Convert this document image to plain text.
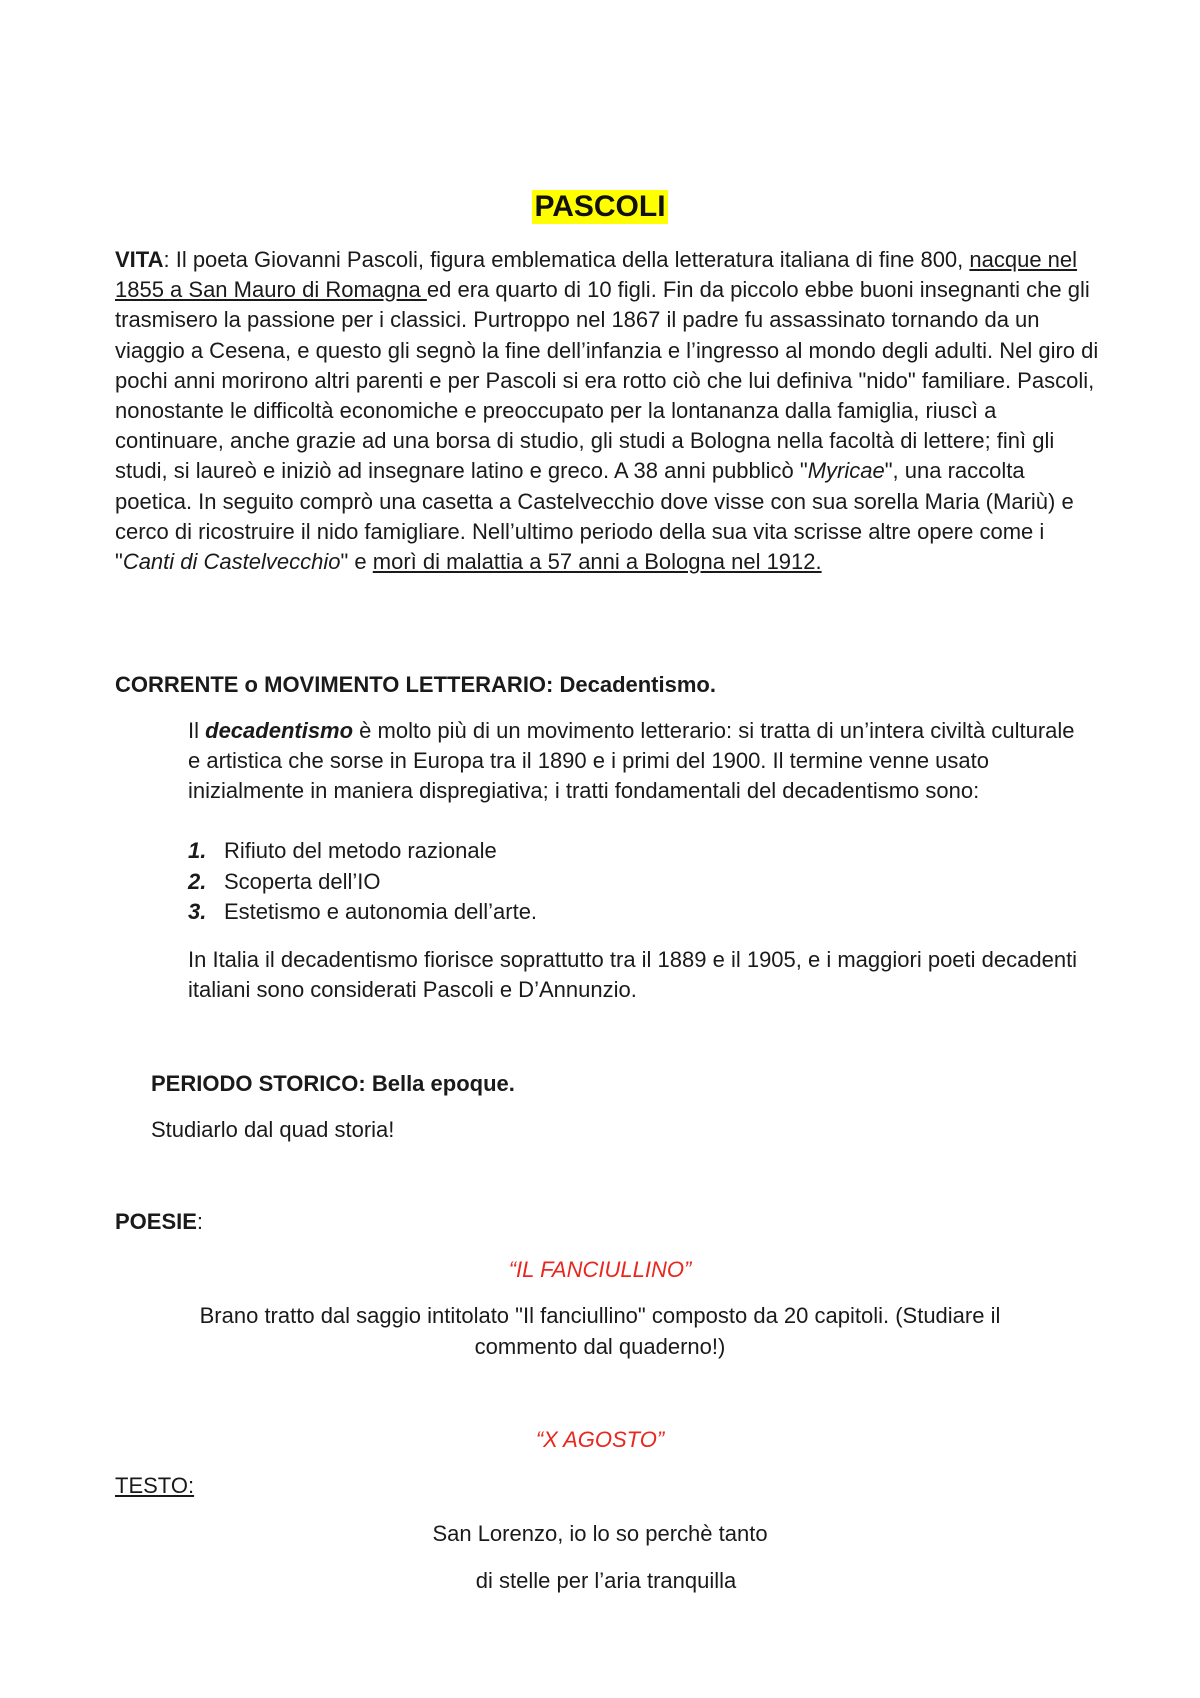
PASCOLI

VITA: Il poeta Giovanni Pascoli, figura emblematica della letteratura italiana di fine 800, nacque nel 1855 a San Mauro di Romagna ed era quarto di 10 figli. Fin da piccolo ebbe buoni insegnanti che gli trasmisero la passione per i classici. Purtroppo nel 1867 il padre fu assassinato tornando da un viaggio a Cesena, e questo gli segnò la fine dell’infanzia e l’ingresso al mondo degli adulti. Nel giro di pochi anni morirono altri parenti e per Pascoli si era rotto ciò che lui definiva "nido" familiare. Pascoli, nonostante le difficoltà economiche e preoccupato per la lontananza dalla famiglia, riuscì a continuare, anche grazie ad una borsa di studio, gli studi a Bologna nella facoltà di lettere; finì gli studi, si laureò e iniziò ad insegnare latino e greco. A 38 anni pubblicò "Myricae", una raccolta poetica. In seguito comprò una casetta a Castelvecchio dove visse con sua sorella Maria (Mariù) e cerco di ricostruire il nido famigliare. Nell’ultimo periodo della sua vita scrisse altre opere come i "Canti di Castelvecchio" e morì di malattia a 57 anni a Bologna nel 1912.

CORRENTE o MOVIMENTO LETTERARIO: Decadentismo.

Il decadentismo è molto più di un movimento letterario: si tratta di un’intera civiltà culturale e artistica che sorse in Europa tra il 1890 e i primi del 1900. Il termine venne usato inizialmente in maniera dispregiativa; i tratti fondamentali del decadentismo sono:

1. Rifiuto del metodo razionale
2. Scoperta dell’IO
3. Estetismo e autonomia dell’arte.

In Italia il decadentismo fiorisce soprattutto tra il 1889 e il 1905, e i maggiori poeti decadenti italiani sono considerati Pascoli e D’Annunzio.

PERIODO STORICO: Bella epoque.

Studiarlo dal quad storia!

POESIE:

“IL FANCIULLINO”

Brano tratto dal saggio intitolato "Il fanciullino" composto da 20 capitoli. (Studiare il commento dal quaderno!)

“X AGOSTO”

TESTO:

San Lorenzo, io lo so perchè tanto

di stelle per l’aria tranquilla
